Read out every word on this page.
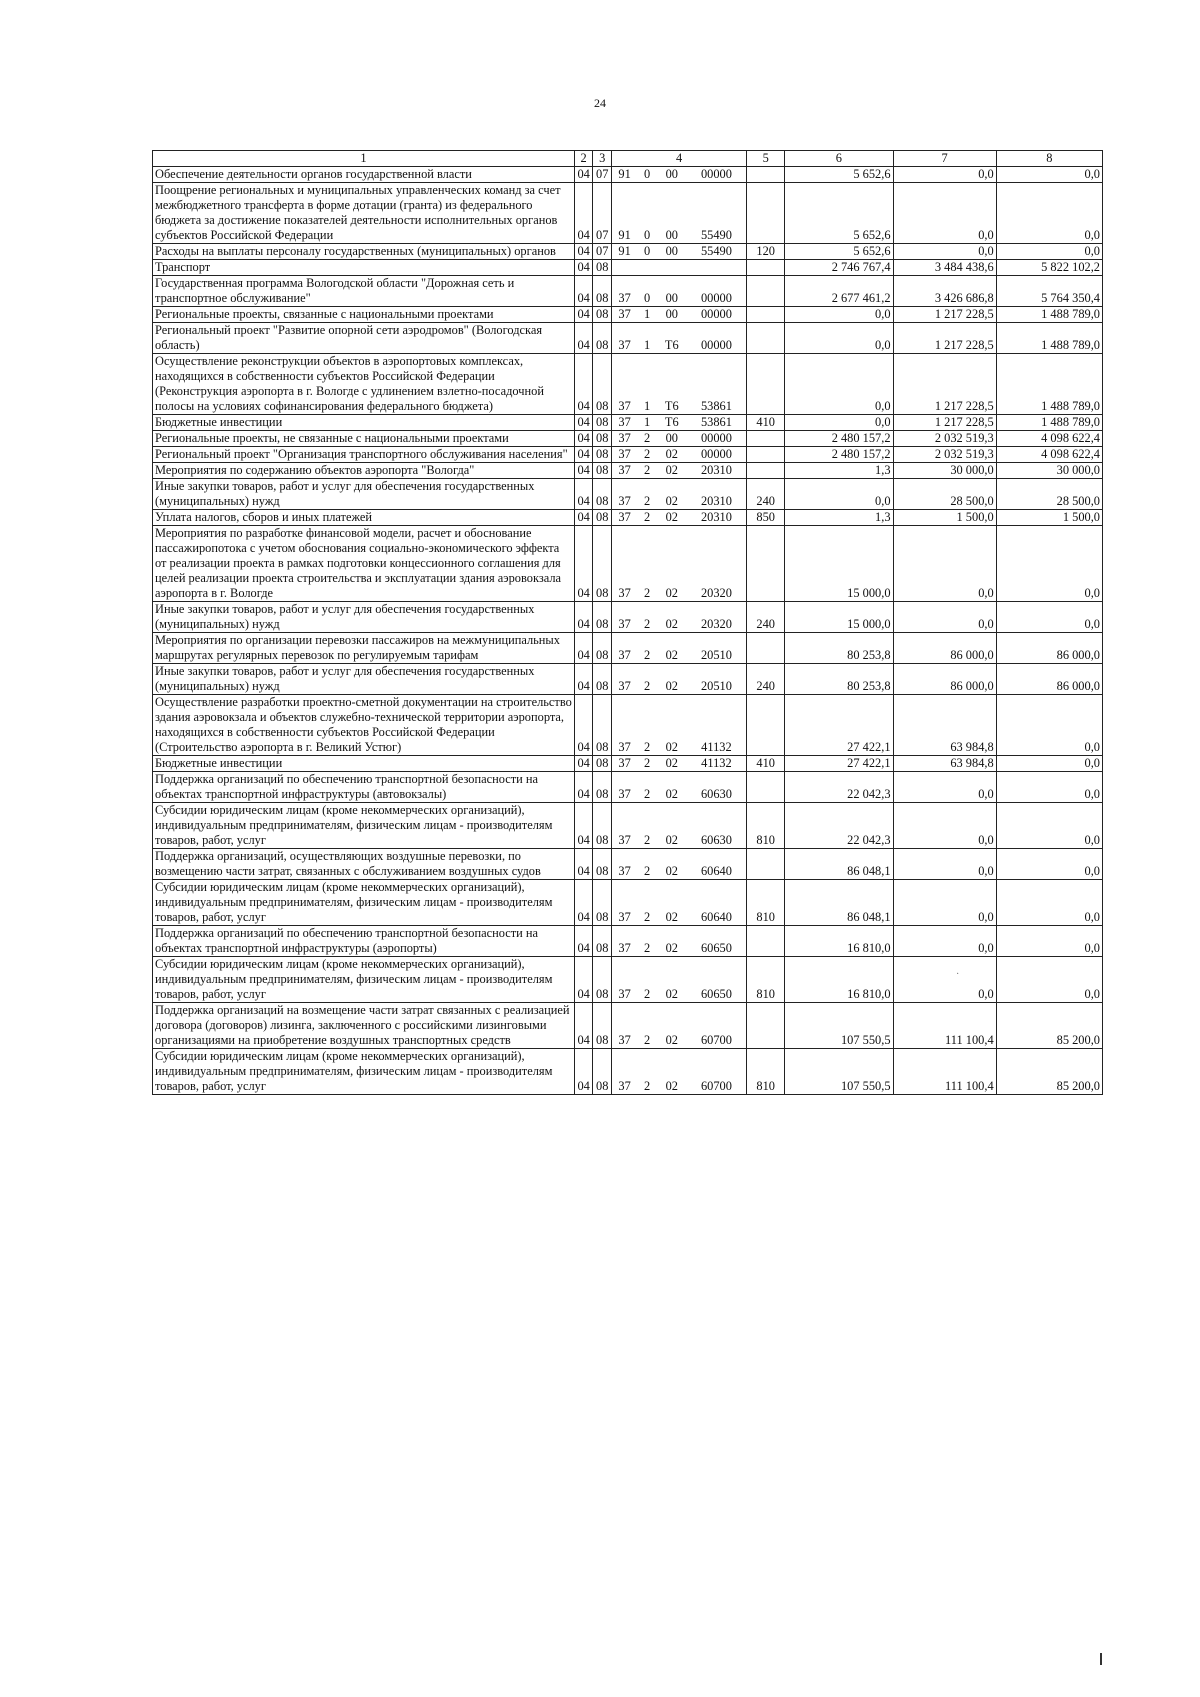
24
1	2	3	4				5	6	7	8
Обеспечение деятельности органов государственной власти	04	07	91	0	00	00000		5 652,6	0,0	0,0
Поощрение региональных и муниципальных управленческих команд за счет межбюджетного трансферта в форме дотации (гранта) из федерального бюджета за достижение показателей деятельности исполнительных органов субъектов Российской Федерации	04	07	91	0	00	55490		5 652,6	0,0	0,0
Расходы на выплаты персоналу государственных (муниципальных) органов	04	07	91	0	00	55490	120	5 652,6	0,0	0,0
Транспорт	04	08						2 746 767,4	3 484 438,6	5 822 102,2
Государственная программа Вологодской области "Дорожная сеть и транспортное обслуживание"	04	08	37	0	00	00000		2 677 461,2	3 426 686,8	5 764 350,4
Региональные проекты, связанные с национальными проектами	04	08	37	1	00	00000		0,0	1 217 228,5	1 488 789,0
Региональный проект "Развитие опорной сети аэродромов" (Вологодская область)	04	08	37	1	Т6	00000		0,0	1 217 228,5	1 488 789,0
Осуществление реконструкции объектов в аэропортовых комплексах, находящихся в собственности субъектов Российской Федерации (Реконструкция аэропорта в г. Вологде с удлинением взлетно-посадочной полосы на условиях софинансирования федерального бюджета)	04	08	37	1	Т6	53861		0,0	1 217 228,5	1 488 789,0
Бюджетные инвестиции	04	08	37	1	Т6	53861	410	0,0	1 217 228,5	1 488 789,0
Региональные проекты, не связанные с национальными проектами	04	08	37	2	00	00000		2 480 157,2	2 032 519,3	4 098 622,4
Региональный проект "Организация транспортного обслуживания населения"	04	08	37	2	02	00000		2 480 157,2	2 032 519,3	4 098 622,4
Мероприятия по содержанию объектов аэропорта "Вологда"	04	08	37	2	02	20310		1,3	30 000,0	30 000,0
Иные закупки товаров, работ и услуг для обеспечения государственных (муниципальных) нужд	04	08	37	2	02	20310	240	0,0	28 500,0	28 500,0
Уплата налогов, сборов и иных платежей	04	08	37	2	02	20310	850	1,3	1 500,0	1 500,0
Мероприятия по разработке финансовой модели, расчет и обоснование пассажиропотока с учетом обоснования социально-экономического эффекта от реализации проекта в рамках подготовки концессионного соглашения для целей реализации проекта строительства и эксплуатации здания аэровокзала аэропорта в г. Вологде	04	08	37	2	02	20320		15 000,0	0,0	0,0
Иные закупки товаров, работ и услуг для обеспечения государственных (муниципальных) нужд	04	08	37	2	02	20320	240	15 000,0	0,0	0,0
Мероприятия по организации перевозки пассажиров на межмуниципальных маршрутах регулярных перевозок по регулируемым тарифам	04	08	37	2	02	20510		80 253,8	86 000,0	86 000,0
Иные закупки товаров, работ и услуг для обеспечения государственных (муниципальных) нужд	04	08	37	2	02	20510	240	80 253,8	86 000,0	86 000,0
Осуществление разработки проектно-сметной документации на строительство здания аэровокзала и объектов служебно-технической территории аэропорта, находящихся в собственности субъектов Российской Федерации (Строительство аэропорта в г. Великий Устюг)	04	08	37	2	02	41132		27 422,1	63 984,8	0,0
Бюджетные инвестиции	04	08	37	2	02	41132	410	27 422,1	63 984,8	0,0
Поддержка организаций по обеспечению транспортной безопасности на объектах транспортной инфраструктуры (автовокзалы)	04	08	37	2	02	60630		22 042,3	0,0	0,0
Субсидии юридическим лицам (кроме некоммерческих организаций), индивидуальным предпринимателям, физическим лицам - производителям товаров, работ, услуг	04	08	37	2	02	60630	810	22 042,3	0,0	0,0
Поддержка организаций, осуществляющих воздушные перевозки, по возмещению части затрат, связанных с обслуживанием воздушных судов	04	08	37	2	02	60640		86 048,1	0,0	0,0
Субсидии юридическим лицам (кроме некоммерческих организаций), индивидуальным предпринимателям, физическим лицам - производителям товаров, работ, услуг	04	08	37	2	02	60640	810	86 048,1	0,0	0,0
Поддержка организаций по обеспечению транспортной безопасности на объектах транспортной инфраструктуры (аэропорты)	04	08	37	2	02	60650		16 810,0	0,0	0,0
Субсидии юридическим лицам (кроме некоммерческих организаций), индивидуальным предпринимателям, физическим лицам - производителям товаров, работ, услуг	04	08	37	2	02	60650	810	16 810,0	0,0	0,0
Поддержка организаций на возмещение части затрат связанных с реализацией договора (договоров) лизинга, заключенного с российскими лизинговыми организациями на приобретение воздушных транспортных средств	04	08	37	2	02	60700		107 550,5	111 100,4	85 200,0
Субсидии юридическим лицам (кроме некоммерческих организаций), индивидуальным предпринимателям, физическим лицам - производителям товаров, работ, услуг	04	08	37	2	02	60700	810	107 550,5	111 100,4	85 200,0
·
